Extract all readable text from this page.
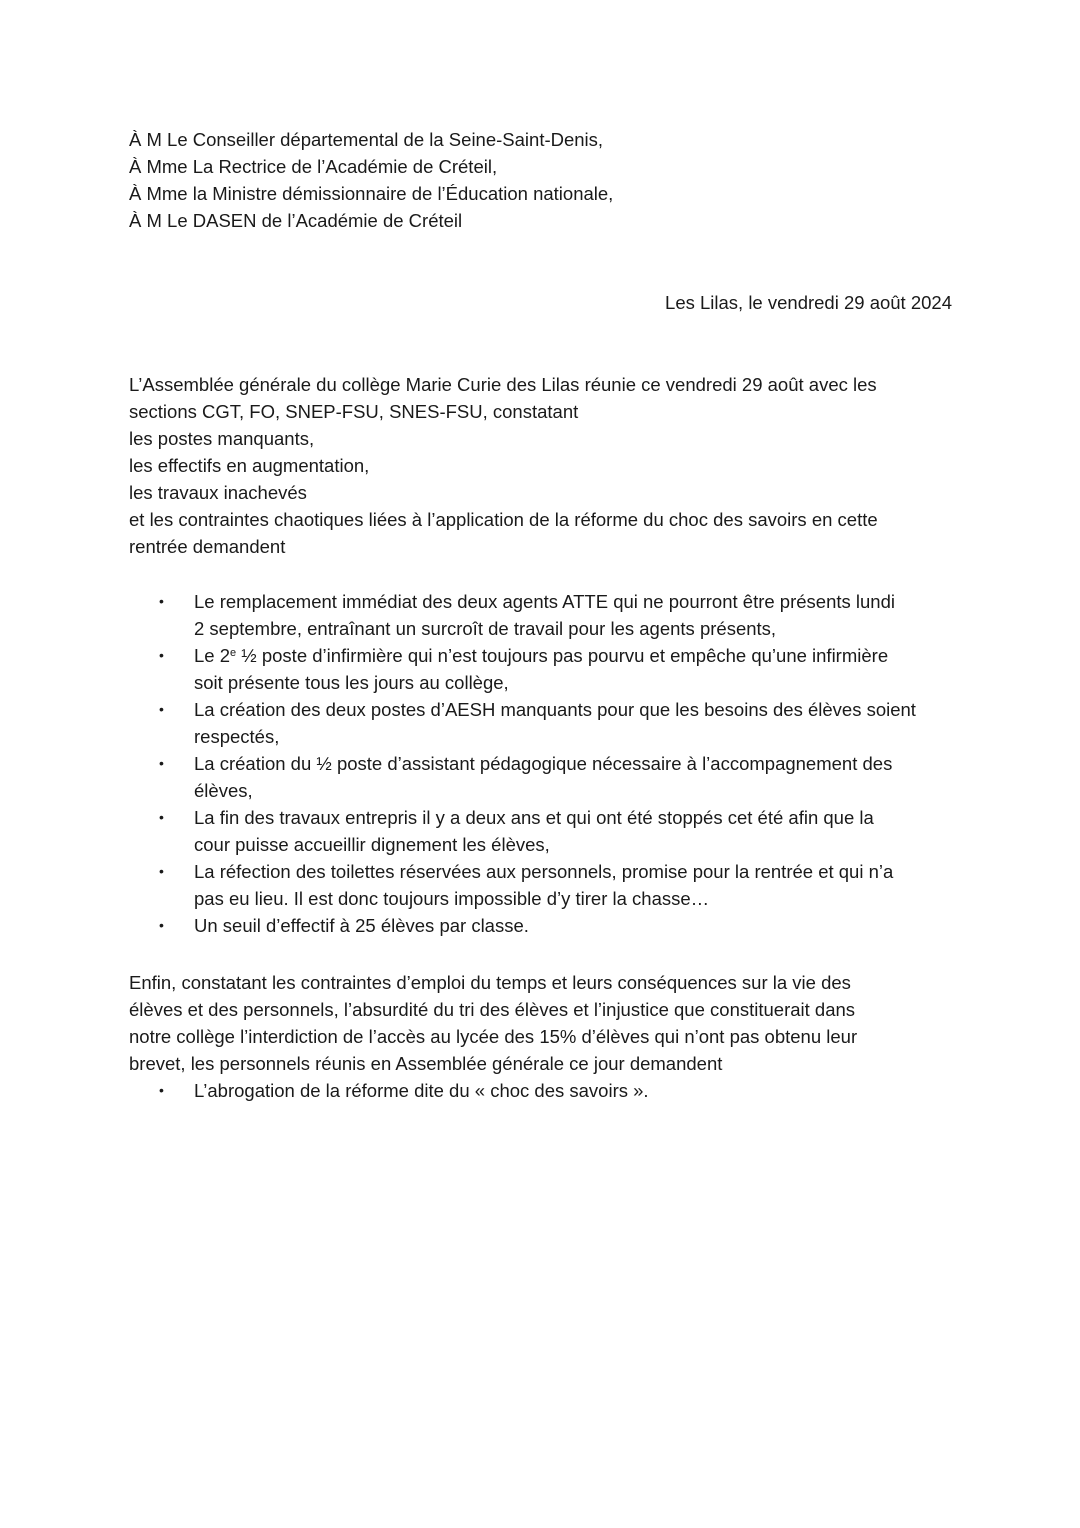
À M Le Conseiller départemental de la Seine-Saint-Denis,
À Mme La Rectrice de l’Académie de Créteil,
À Mme la Ministre démissionnaire de l’Éducation nationale,
À M Le DASEN de l’Académie de Créteil
Les Lilas, le vendredi 29 août 2024
L’Assemblée générale du collège Marie Curie des Lilas réunie ce vendredi 29 août avec les
sections CGT, FO, SNEP-FSU, SNES-FSU, constatant
les postes manquants,
les effectifs en augmentation,
les travaux inachevés
et les contraintes chaotiques liées à l’application de la réforme du choc des savoirs en cette
rentrée demandent
• Le remplacement immédiat des deux agents ATTE qui ne pourront être présents lundi
2 septembre, entraînant un surcroît de travail pour les agents présents,
• Le 2e ½ poste d’infirmière qui n’est toujours pas pourvu et empêche qu’une infirmière
soit présente tous les jours au collège,
• La création des deux postes d’AESH manquants pour que les besoins des élèves soient
respectés,
• La création du ½ poste d’assistant pédagogique nécessaire à l’accompagnement des
élèves,
• La fin des travaux entrepris il y a deux ans et qui ont été stoppés cet été afin que la
cour puisse accueillir dignement les élèves,
• La réfection des toilettes réservées aux personnels, promise pour la rentrée et qui n’a
pas eu lieu. Il est donc toujours impossible d’y tirer la chasse…
• Un seuil d’effectif à 25 élèves par classe.
Enfin, constatant les contraintes d’emploi du temps et leurs conséquences sur la vie des
élèves et des personnels, l’absurdité du tri des élèves et l’injustice que constituerait dans
notre collège l’interdiction de l’accès au lycée des 15% d’élèves qui n’ont pas obtenu leur
brevet, les personnels réunis en Assemblée générale ce jour demandent
• L’abrogation de la réforme dite du « choc des savoirs ».
